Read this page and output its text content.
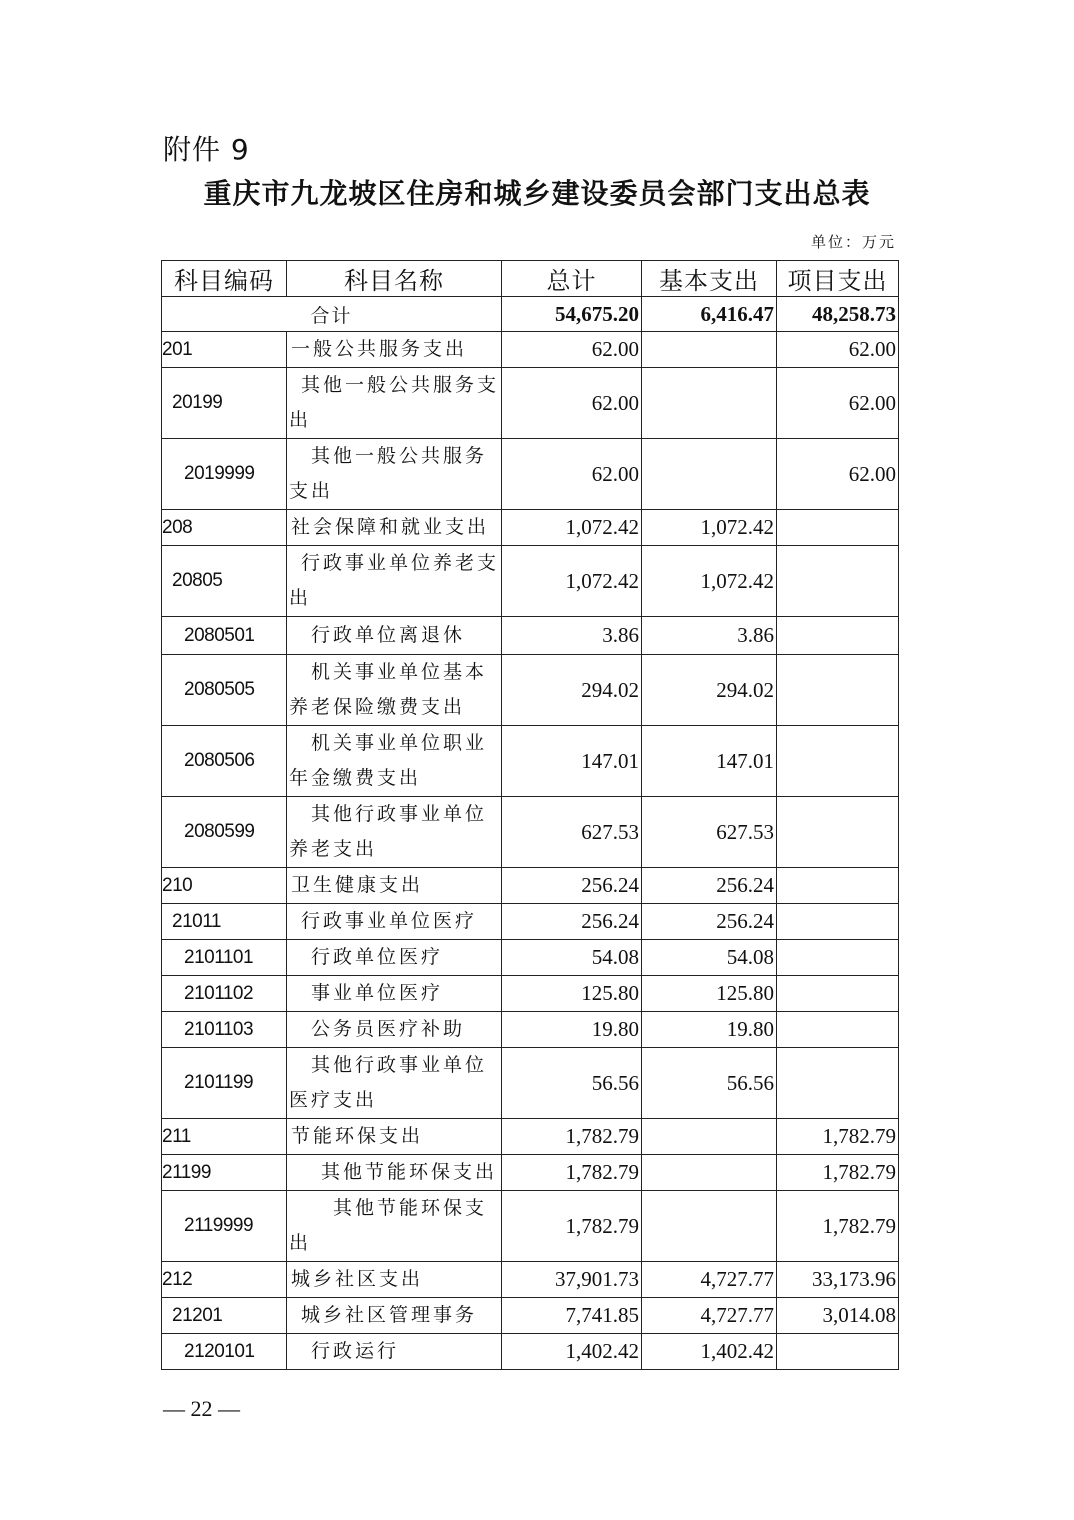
附件 9
重庆市九龙坡区住房和城乡建设委员会部门支出总表
单位：万元
科目编码	科目名称	总计	基本支出	项目支出
合计		54,675.20	6,416.47	48,258.73
201	一般公共服务支出	62.00		62.00
20199	其他一般公共服务支出	62.00		62.00
2019999	其他一般公共服务支出	62.00		62.00
208	社会保障和就业支出	1,072.42	1,072.42	
20805	行政事业单位养老支出	1,072.42	1,072.42	
2080501	行政单位离退休	3.86	3.86	
2080505	机关事业单位基本养老保险缴费支出	294.02	294.02	
2080506	机关事业单位职业年金缴费支出	147.01	147.01	
2080599	其他行政事业单位养老支出	627.53	627.53	
210	卫生健康支出	256.24	256.24	
21011	行政事业单位医疗	256.24	256.24	
2101101	行政单位医疗	54.08	54.08	
2101102	事业单位医疗	125.80	125.80	
2101103	公务员医疗补助	19.80	19.80	
2101199	其他行政事业单位医疗支出	56.56	56.56	
211	节能环保支出	1,782.79		1,782.79
21199	其他节能环保支出	1,782.79		1,782.79
2119999	其他节能环保支出	1,782.79		1,782.79
212	城乡社区支出	37,901.73	4,727.77	33,173.96
21201	城乡社区管理事务	7,741.85	4,727.77	3,014.08
2120101	行政运行	1,402.42	1,402.42	
— 22 —
